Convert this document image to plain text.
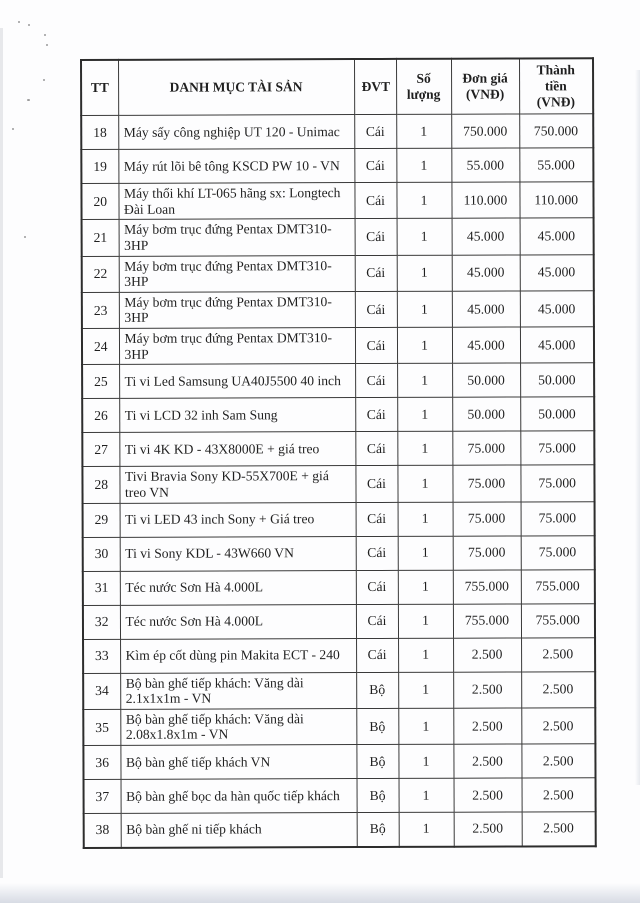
TT	DANH MỤC TÀI SẢN	ĐVT	Số lượng	Đơn giá (VNĐ)	Thành tiền (VNĐ)
18	Máy sấy công nghiệp UT 120 - Unimac	Cái	1	750.000	750.000
19	Máy rút lõi bê tông KSCD PW 10 - VN	Cái	1	55.000	55.000
20	Máy thổi khí LT-065 hãng sx: Longtech Đài Loan	Cái	1	110.000	110.000
21	Máy bơm trục đứng Pentax DMT310-3HP	Cái	1	45.000	45.000
22	Máy bơm trục đứng Pentax DMT310-3HP	Cái	1	45.000	45.000
23	Máy bơm trục đứng Pentax DMT310-3HP	Cái	1	45.000	45.000
24	Máy bơm trục đứng Pentax DMT310-3HP	Cái	1	45.000	45.000
25	Ti vi Led Samsung UA40J5500 40 inch	Cái	1	50.000	50.000
26	Ti vi LCD 32 inh Sam Sung	Cái	1	50.000	50.000
27	Ti vi 4K KD - 43X8000E + giá treo	Cái	1	75.000	75.000
28	Tivi Bravia Sony KD-55X700E + giá treo VN	Cái	1	75.000	75.000
29	Ti vi LED 43 inch Sony + Giá treo	Cái	1	75.000	75.000
30	Ti vi Sony KDL - 43W660 VN	Cái	1	75.000	75.000
31	Téc nước Sơn Hà 4.000L	Cái	1	755.000	755.000
32	Téc nước Sơn Hà 4.000L	Cái	1	755.000	755.000
33	Kìm ép cốt dùng pin Makita ECT - 240	Cái	1	2.500	2.500
34	Bộ bàn ghế tiếp khách: Văng dài 2.1x1x1m - VN	Bộ	1	2.500	2.500
35	Bộ bàn ghế tiếp khách: Văng dài 2.08x1.8x1m - VN	Bộ	1	2.500	2.500
36	Bộ bàn ghế tiếp khách VN	Bộ	1	2.500	2.500
37	Bộ bàn ghế bọc da hàn quốc tiếp khách	Bộ	1	2.500	2.500
38	Bộ bàn ghế ni tiếp khách	Bộ	1	2.500	2.500
